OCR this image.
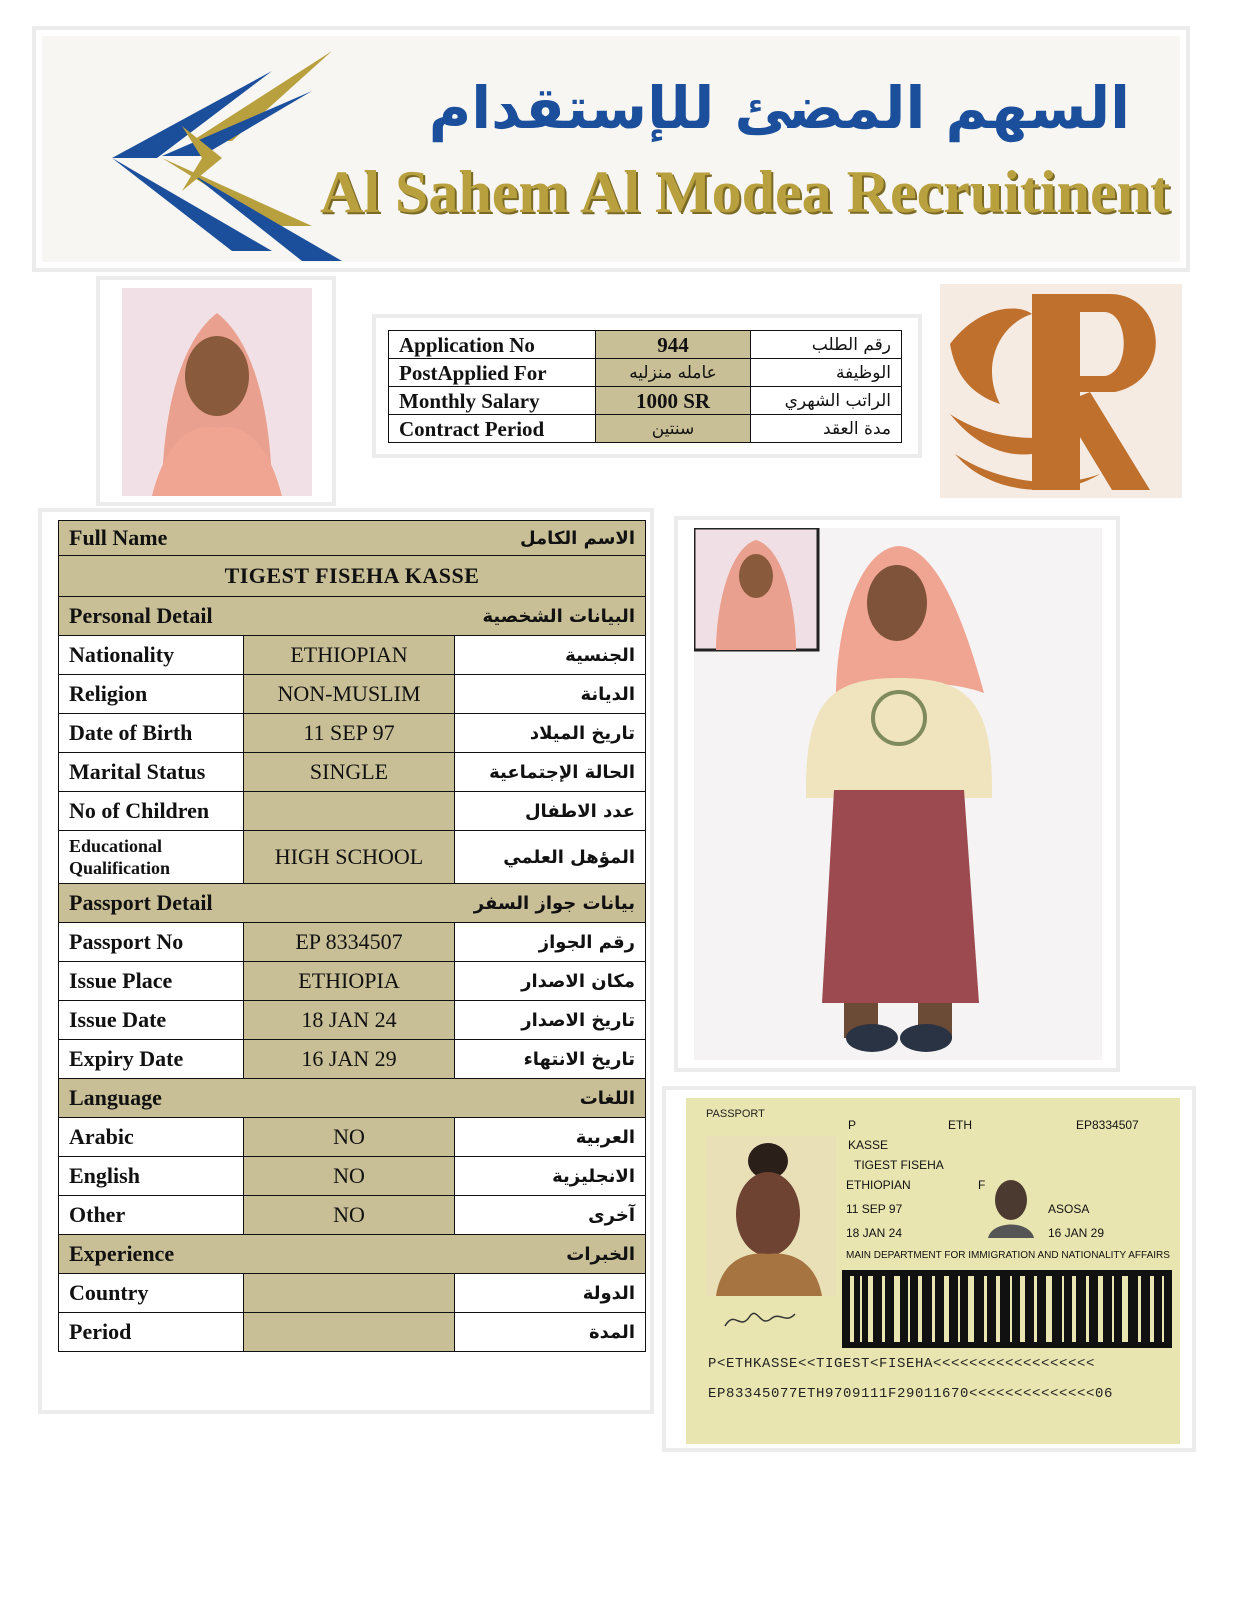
السهم المضئ للإستقدام
Al Sahem Al Modea Recruitinent
Application No	944	رقم الطلب
PostApplied For	عامله منزليه	الوظيفة
Monthly Salary	1000 SR	الراتب الشهري
Contract Period	سنتين	مدة العقد
Full Name الاسم الكامل		

TIGEST FISEHA KASSE		

Personal Detail البيانات الشخصية		

Nationality	ETHIOPIAN	الجنسية
Religion	NON-MUSLIM	الديانة
Date of Birth	11 SEP 97	تاريخ الميلاد
Marital Status	SINGLE	الحالة الإجتماعية
No of Children		عدد الاطفال
Educational Qualification	HIGH SCHOOL	المؤهل العلمي

Passport Detail بيانات جواز السفر		

Passport No	EP 8334507	رقم الجواز
Issue Place	ETHIOPIA	مكان الاصدار
Issue Date	18 JAN 24	تاريخ الاصدار
Expiry Date	16 JAN 29	تاريخ الانتهاء

Language اللغات		

Arabic	NO	العربية
English	NO	الانجليزية
Other	NO	آخرى

Experience الخبرات		

Country		الدولة
Period		المدة
PASSPORT
ETH	EP8334507
P
KASSE
TIGEST FISEHA
ETHIOPIAN	F
11 SEP 97	ASOSA
18 JAN 24	16 JAN 29
MAIN DEPARTMENT FOR IMMIGRATION AND NATIONALITY AFFAIRS
P<ETHKASSE<<TIGEST<FISEHA<<<<<<<<<<<<<<<<<<
EP83345077ETH9709111F29011670<<<<<<<<<<<<<<06
